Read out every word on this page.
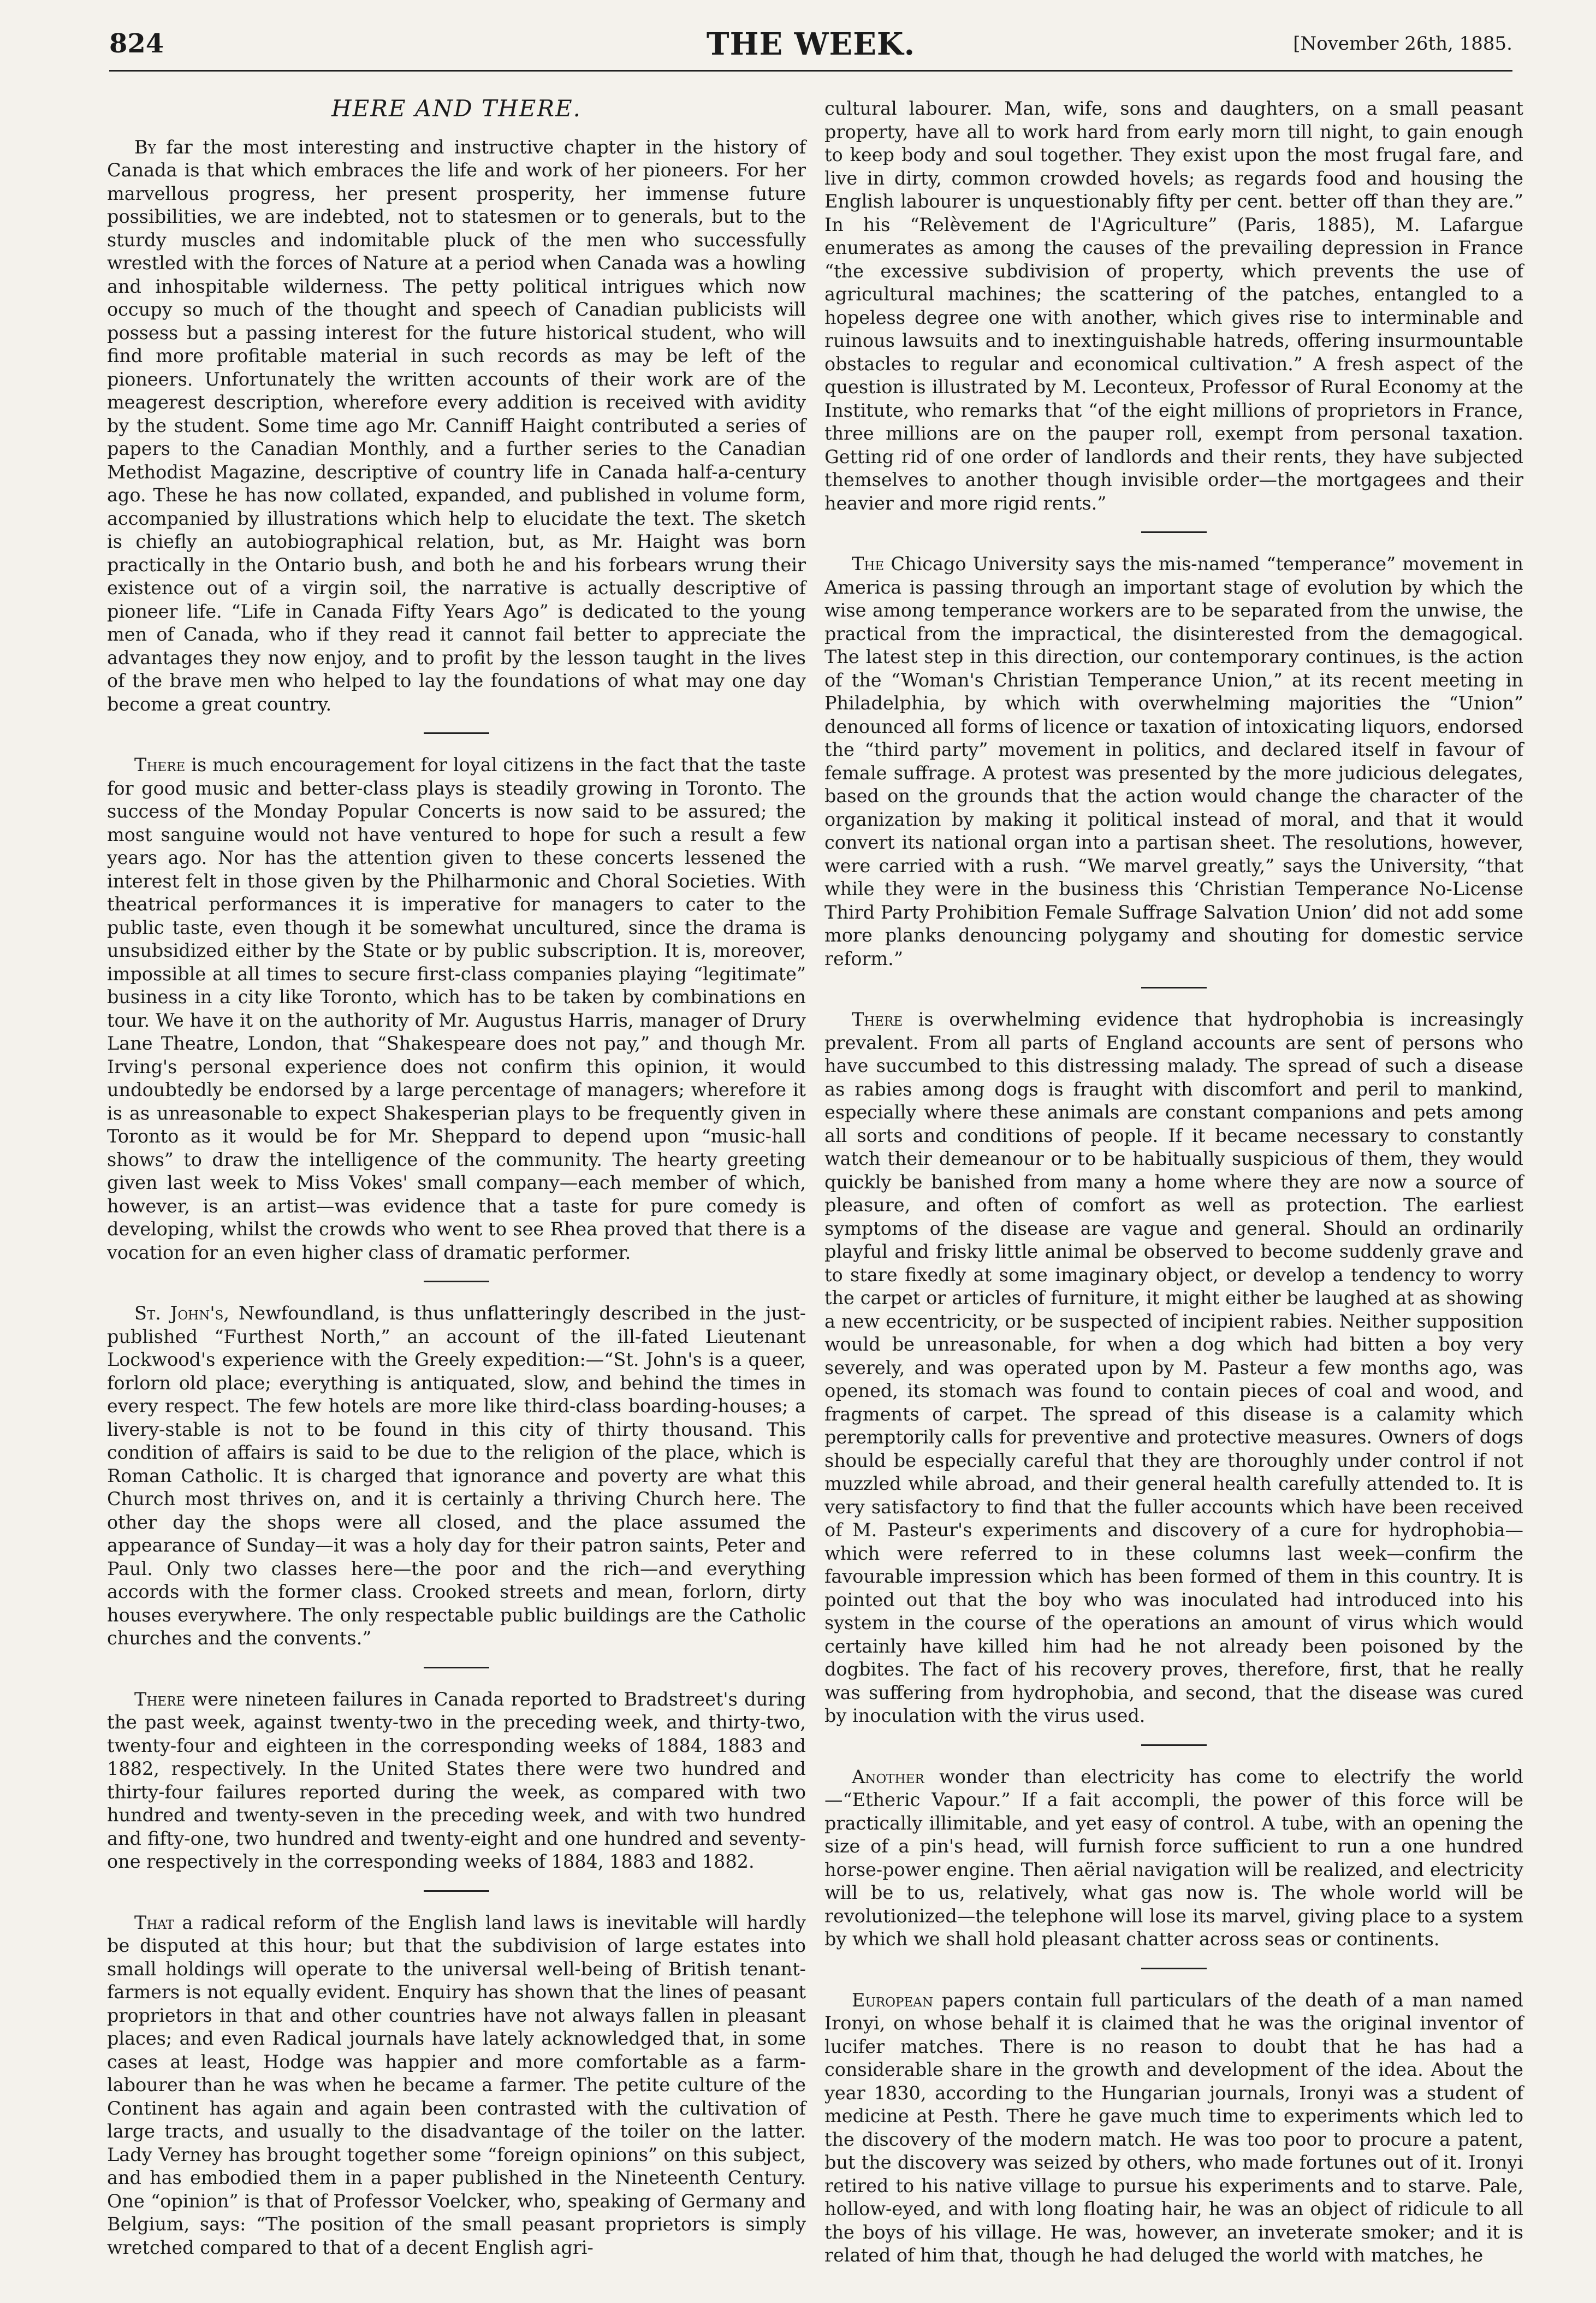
824	THE WEEK.	[November 26th, 1885.
HERE AND THERE.

By far the most interesting and instructive chapter in the history of Canada is that which embraces the life and work of her pioneers. For her marvellous progress, her present prosperity, her immense future possibilities, we are indebted, not to statesmen or to generals, but to the sturdy muscles and indomitable pluck of the men who successfully wrestled with the forces of Nature at a period when Canada was a howling and inhospitable wilderness. The petty political intrigues which now occupy so much of the thought and speech of Canadian publicists will possess but a passing interest for the future historical student, who will find more profitable material in such records as may be left of the pioneers. Unfortunately the written accounts of their work are of the meagerest description, wherefore every addition is received with avidity by the student. Some time ago Mr. Canniff Haight contributed a series of papers to the Canadian Monthly, and a further series to the Canadian Methodist Magazine, descriptive of country life in Canada half-a-century ago. These he has now collated, expanded, and published in volume form, accompanied by illustrations which help to elucidate the text. The sketch is chiefly an autobiographical relation, but, as Mr. Haight was born practically in the Ontario bush, and both he and his forbears wrung their existence out of a virgin soil, the narrative is actually descriptive of pioneer life. “Life in Canada Fifty Years Ago” is dedicated to the young men of Canada, who if they read it cannot fail better to appreciate the advantages they now enjoy, and to profit by the lesson taught in the lives of the brave men who helped to lay the foundations of what may one day become a great country.

There is much encouragement for loyal citizens in the fact that the taste for good music and better-class plays is steadily growing in Toronto. The success of the Monday Popular Concerts is now said to be assured; the most sanguine would not have ventured to hope for such a result a few years ago. Nor has the attention given to these concerts lessened the interest felt in those given by the Philharmonic and Choral Societies. With theatrical performances it is imperative for managers to cater to the public taste, even though it be somewhat uncultured, since the drama is unsubsidized either by the State or by public subscription. It is, moreover, impossible at all times to secure first-class companies playing “legitimate” business in a city like Toronto, which has to be taken by combinations en tour. We have it on the authority of Mr. Augustus Harris, manager of Drury Lane Theatre, London, that “Shakespeare does not pay,” and though Mr. Irving's personal experience does not confirm this opinion, it would undoubtedly be endorsed by a large percentage of managers; wherefore it is as unreasonable to expect Shakesperian plays to be frequently given in Toronto as it would be for Mr. Sheppard to depend upon “music-hall shows” to draw the intelligence of the community. The hearty greeting given last week to Miss Vokes' small company—each member of which, however, is an artist—was evidence that a taste for pure comedy is developing, whilst the crowds who went to see Rhea proved that there is a vocation for an even higher class of dramatic performer.

St. John's, Newfoundland, is thus unflatteringly described in the just-published “Furthest North,” an account of the ill-fated Lieutenant Lockwood's experience with the Greely expedition:—“St. John's is a queer, forlorn old place; everything is antiquated, slow, and behind the times in every respect. The few hotels are more like third-class boarding-houses; a livery-stable is not to be found in this city of thirty thousand. This condition of affairs is said to be due to the religion of the place, which is Roman Catholic. It is charged that ignorance and poverty are what this Church most thrives on, and it is certainly a thriving Church here. The other day the shops were all closed, and the place assumed the appearance of Sunday—it was a holy day for their patron saints, Peter and Paul. Only two classes here—the poor and the rich—and everything accords with the former class. Crooked streets and mean, forlorn, dirty houses everywhere. The only respectable public buildings are the Catholic churches and the convents.”

There were nineteen failures in Canada reported to Bradstreet's during the past week, against twenty-two in the preceding week, and thirty-two, twenty-four and eighteen in the corresponding weeks of 1884, 1883 and 1882, respectively. In the United States there were two hundred and thirty-four failures reported during the week, as compared with two hundred and twenty-seven in the preceding week, and with two hundred and fifty-one, two hundred and twenty-eight and one hundred and seventy-one respectively in the corresponding weeks of 1884, 1883 and 1882.

That a radical reform of the English land laws is inevitable will hardly be disputed at this hour; but that the subdivision of large estates into small holdings will operate to the universal well-being of British tenant-farmers is not equally evident. Enquiry has shown that the lines of peasant proprietors in that and other countries have not always fallen in pleasant places; and even Radical journals have lately acknowledged that, in some cases at least, Hodge was happier and more comfortable as a farm-labourer than he was when he became a farmer. The petite culture of the Continent has again and again been contrasted with the cultivation of large tracts, and usually to the disadvantage of the toiler on the latter. Lady Verney has brought together some “foreign opinions” on this subject, and has embodied them in a paper published in the Nineteenth Century. One “opinion” is that of Professor Voelcker, who, speaking of Germany and Belgium, says: “The position of the small peasant proprietors is simply wretched compared to that of a decent English agri-

cultural labourer. Man, wife, sons and daughters, on a small peasant property, have all to work hard from early morn till night, to gain enough to keep body and soul together. They exist upon the most frugal fare, and live in dirty, common crowded hovels; as regards food and housing the English labourer is unquestionably fifty per cent. better off than they are.” In his “Relèvement de l'Agriculture” (Paris, 1885), M. Lafargue enumerates as among the causes of the prevailing depression in France “the excessive subdivision of property, which prevents the use of agricultural machines; the scattering of the patches, entangled to a hopeless degree one with another, which gives rise to interminable and ruinous lawsuits and to inextinguishable hatreds, offering insurmountable obstacles to regular and economical cultivation.” A fresh aspect of the question is illustrated by M. Leconteux, Professor of Rural Economy at the Institute, who remarks that “of the eight millions of proprietors in France, three millions are on the pauper roll, exempt from personal taxation. Getting rid of one order of landlords and their rents, they have subjected themselves to another though invisible order—the mortgagees and their heavier and more rigid rents.”

The Chicago University says the mis-named “temperance” movement in America is passing through an important stage of evolution by which the wise among temperance workers are to be separated from the unwise, the practical from the impractical, the disinterested from the demagogical. The latest step in this direction, our contemporary continues, is the action of the “Woman's Christian Temperance Union,” at its recent meeting in Philadelphia, by which with overwhelming majorities the “Union” denounced all forms of licence or taxation of intoxicating liquors, endorsed the “third party” movement in politics, and declared itself in favour of female suffrage. A protest was presented by the more judicious delegates, based on the grounds that the action would change the character of the organization by making it political instead of moral, and that it would convert its national organ into a partisan sheet. The resolutions, however, were carried with a rush. “We marvel greatly,” says the University, “that while they were in the business this ‘Christian Temperance No-License Third Party Prohibition Female Suffrage Salvation Union’ did not add some more planks denouncing polygamy and shouting for domestic service reform.”

There is overwhelming evidence that hydrophobia is increasingly prevalent. From all parts of England accounts are sent of persons who have succumbed to this distressing malady. The spread of such a disease as rabies among dogs is fraught with discomfort and peril to mankind, especially where these animals are constant companions and pets among all sorts and conditions of people. If it became necessary to constantly watch their demeanour or to be habitually suspicious of them, they would quickly be banished from many a home where they are now a source of pleasure, and often of comfort as well as protection. The earliest symptoms of the disease are vague and general. Should an ordinarily playful and frisky little animal be observed to become suddenly grave and to stare fixedly at some imaginary object, or develop a tendency to worry the carpet or articles of furniture, it might either be laughed at as showing a new eccentricity, or be suspected of incipient rabies. Neither supposition would be unreasonable, for when a dog which had bitten a boy very severely, and was operated upon by M. Pasteur a few months ago, was opened, its stomach was found to contain pieces of coal and wood, and fragments of carpet. The spread of this disease is a calamity which peremptorily calls for preventive and protective measures. Owners of dogs should be especially careful that they are thoroughly under control if not muzzled while abroad, and their general health carefully attended to. It is very satisfactory to find that the fuller accounts which have been received of M. Pasteur's experiments and discovery of a cure for hydrophobia—which were referred to in these columns last week—confirm the favourable impression which has been formed of them in this country. It is pointed out that the boy who was inoculated had introduced into his system in the course of the operations an amount of virus which would certainly have killed him had he not already been poisoned by the dogbites. The fact of his recovery proves, therefore, first, that he really was suffering from hydrophobia, and second, that the disease was cured by inoculation with the virus used.

Another wonder than electricity has come to electrify the world—“Etheric Vapour.” If a fait accompli, the power of this force will be practically illimitable, and yet easy of control. A tube, with an opening the size of a pin's head, will furnish force sufficient to run a one hundred horse-power engine. Then aërial navigation will be realized, and electricity will be to us, relatively, what gas now is. The whole world will be revolutionized—the telephone will lose its marvel, giving place to a system by which we shall hold pleasant chatter across seas or continents.

European papers contain full particulars of the death of a man named Ironyi, on whose behalf it is claimed that he was the original inventor of lucifer matches. There is no reason to doubt that he has had a considerable share in the growth and development of the idea. About the year 1830, according to the Hungarian journals, Ironyi was a student of medicine at Pesth. There he gave much time to experiments which led to the discovery of the modern match. He was too poor to procure a patent, but the discovery was seized by others, who made fortunes out of it. Ironyi retired to his native village to pursue his experiments and to starve. Pale, hollow-eyed, and with long floating hair, he was an object of ridicule to all the boys of his village. He was, however, an inveterate smoker; and it is related of him that, though he had deluged the world with matches, he
